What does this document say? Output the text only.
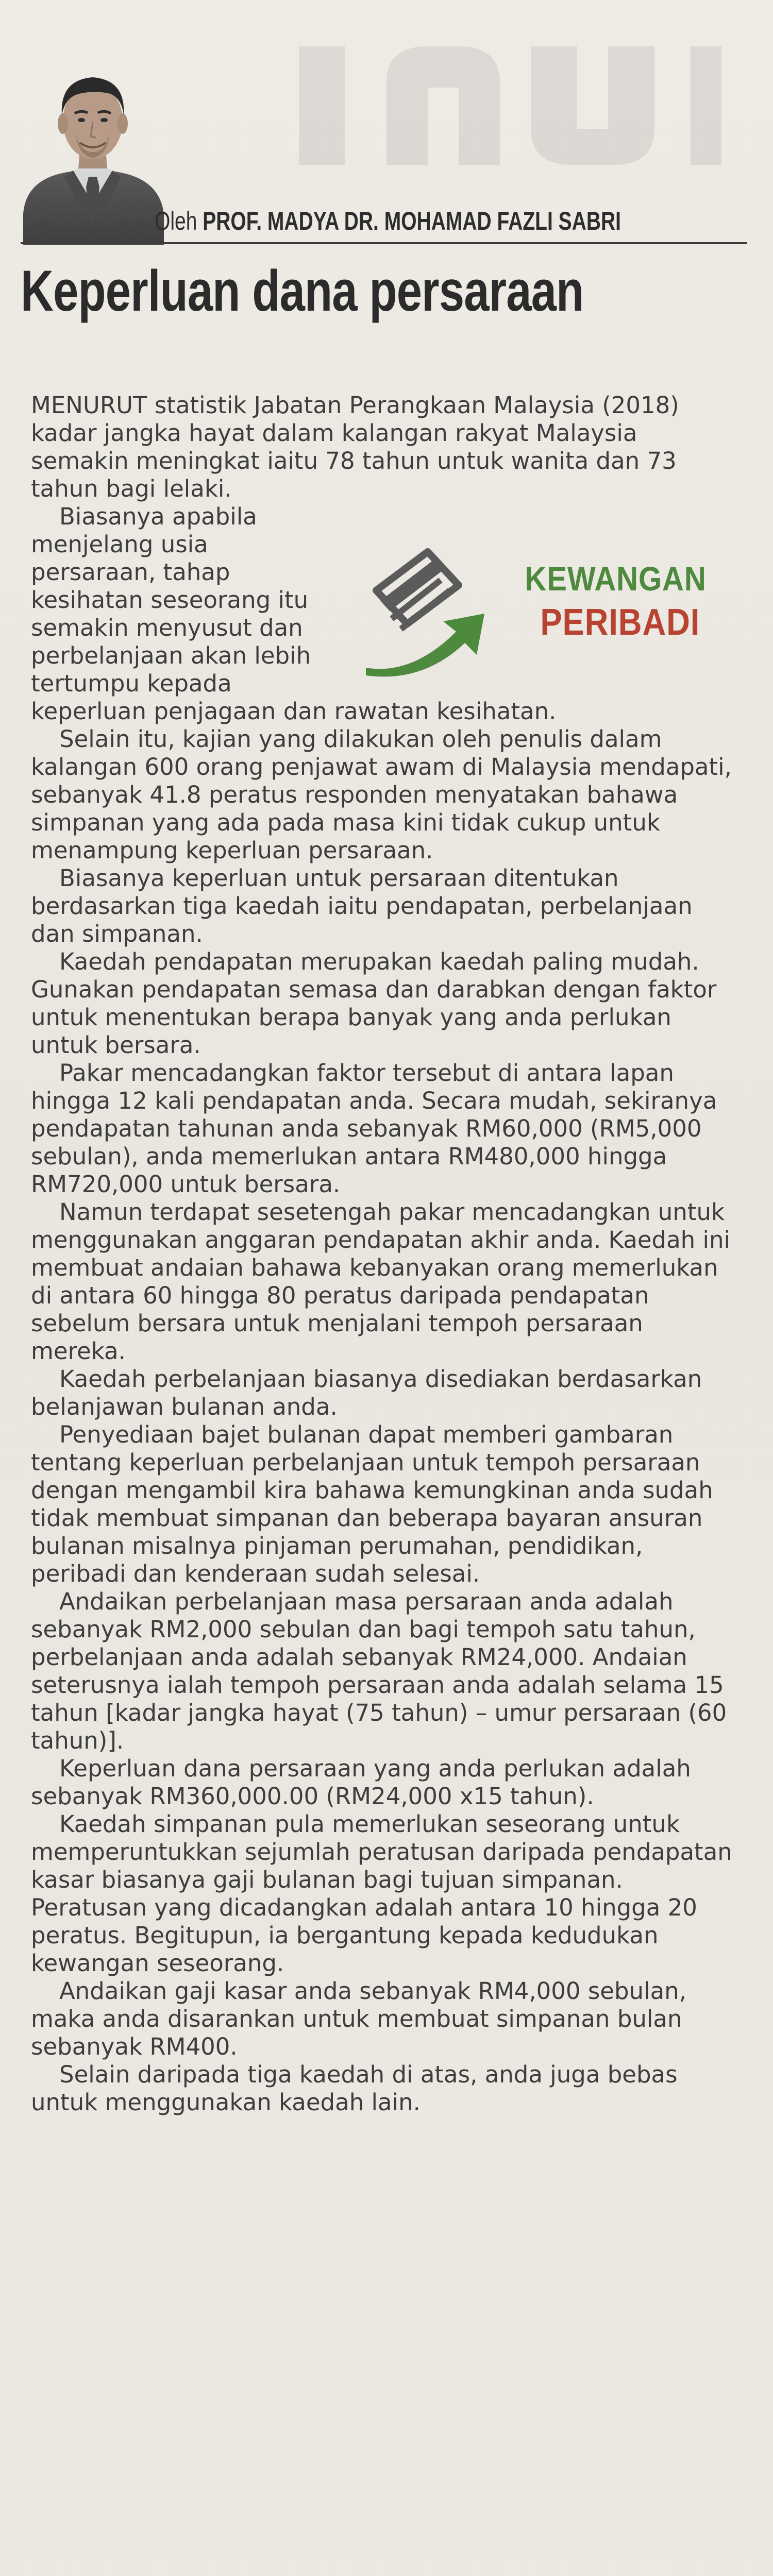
Oleh PROF. MADYA DR. MOHAMAD FAZLI SABRI
Keperluan dana persaraan

MENURUT statistik Jabatan Perangkaan Malaysia (2018) kadar jangka hayat dalam kalangan rakyat Malaysia semakin meningkat iaitu 78 tahun untuk wanita dan 73 tahun bagi lelaki.

KEWANGAN
PERIBADI
Biasanya apabila menjelang usia persaraan, tahap kesihatan seseorang itu semakin menyusut dan perbelanjaan akan lebih tertumpu kepada keperluan penjagaan dan rawatan kesihatan.

Selain itu, kajian yang dilakukan oleh penulis dalam kalangan 600 orang penjawat awam di Malaysia mendapati, sebanyak 41.8 peratus responden menyatakan bahawa simpanan yang ada pada masa kini tidak cukup untuk menampung keperluan persaraan.

Biasanya keperluan untuk persaraan ditentukan berdasarkan tiga kaedah iaitu pendapatan, perbelanjaan dan simpanan.

Kaedah pendapatan merupakan kaedah paling mudah. Gunakan pendapatan semasa dan darabkan dengan faktor untuk menentukan berapa banyak yang anda perlukan untuk bersara.

Pakar mencadangkan faktor tersebut di antara lapan hingga 12 kali pendapatan anda. Secara mudah, sekiranya pendapatan tahunan anda sebanyak RM60,000 (RM5,000 sebulan), anda memerlukan antara RM480,000 hingga RM720,000 untuk bersara.

Namun terdapat sesetengah pakar mencadangkan untuk menggunakan anggaran pendapatan akhir anda. Kaedah ini membuat andaian bahawa kebanyakan orang memerlukan di antara 60 hingga 80 peratus daripada pendapatan sebelum bersara untuk menjalani tempoh persaraan mereka.

Kaedah perbelanjaan biasanya disediakan berdasarkan belanjawan bulanan anda.

Penyediaan bajet bulanan dapat memberi gambaran tentang keperluan perbelanjaan untuk tempoh persaraan dengan mengambil kira bahawa kemungkinan anda sudah tidak membuat simpanan dan beberapa bayaran ansuran bulanan misalnya pinjaman perumahan, pendidikan, peribadi dan kenderaan sudah selesai.

Andaikan perbelanjaan masa persaraan anda adalah sebanyak RM2,000 sebulan dan bagi tempoh satu tahun, perbelanjaan anda adalah sebanyak RM24,000. Andaian seterusnya ialah tempoh persaraan anda adalah selama 15 tahun [kadar jangka hayat (75 tahun) – umur persaraan (60 tahun)].

Keperluan dana persaraan yang anda perlukan adalah sebanyak RM360,000.00 (RM24,000 x15 tahun).

Kaedah simpanan pula memerlukan seseorang untuk memperuntukkan sejumlah peratusan daripada pendapatan kasar biasanya gaji bulanan bagi tujuan simpanan. Peratusan yang dicadangkan adalah antara 10 hingga 20 peratus. Begitupun, ia bergantung kepada kedudukan kewangan seseorang.

Andaikan gaji kasar anda sebanyak RM4,000 sebulan, maka anda disarankan untuk membuat simpanan bulan sebanyak RM400.

Selain daripada tiga kaedah di atas, anda juga bebas untuk menggunakan kaedah lain.
